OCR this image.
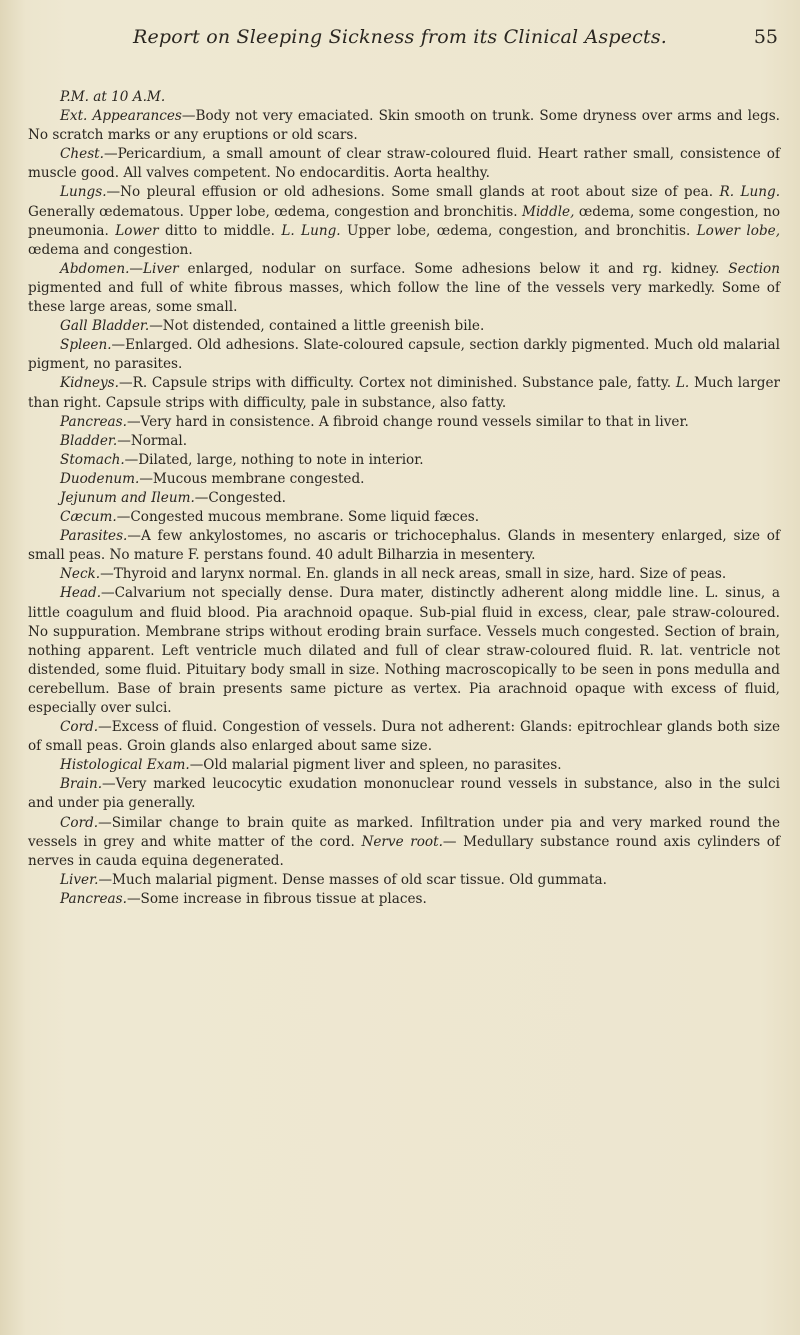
Report on Sleeping Sickness from its Clinical Aspects.	55

P.M. at 10 A.M.

Ext. Appearances—Body not very emaciated. Skin smooth on trunk. Some dryness over arms and legs. No scratch marks or any eruptions or old scars.

Chest.—Pericardium, a small amount of clear straw-coloured fluid. Heart rather small, consistence of muscle good. All valves competent. No endocarditis. Aorta healthy.

Lungs.—No pleural effusion or old adhesions. Some small glands at root about size of pea. R. Lung. Generally œdematous. Upper lobe, œdema, congestion and bronchitis. Middle, œdema, some congestion, no pneumonia. Lower ditto to middle. L. Lung. Upper lobe, œdema, congestion, and bronchitis. Lower lobe, œdema and congestion.

Abdomen.—Liver enlarged, nodular on surface. Some adhesions below it and rg. kidney. Section pigmented and full of white fibrous masses, which follow the line of the vessels very markedly. Some of these large areas, some small.

Gall Bladder.—Not distended, contained a little greenish bile.

Spleen.—Enlarged. Old adhesions. Slate-coloured capsule, section darkly pigmented. Much old malarial pigment, no parasites.

Kidneys.—R. Capsule strips with difficulty. Cortex not diminished. Substance pale, fatty. L. Much larger than right. Capsule strips with difficulty, pale in substance, also fatty.

Pancreas.—Very hard in consistence. A fibroid change round vessels similar to that in liver.

Bladder.—Normal.

Stomach.—Dilated, large, nothing to note in interior.

Duodenum.—Mucous membrane congested.

Jejunum and Ileum.—Congested.

Cæcum.—Congested mucous membrane. Some liquid fæces.

Parasites.—A few ankylostomes, no ascaris or trichocephalus. Glands in mesentery enlarged, size of small peas. No mature F. perstans found. 40 adult Bilharzia in mesentery.

Neck.—Thyroid and larynx normal. En. glands in all neck areas, small in size, hard. Size of peas.

Head.—Calvarium not specially dense. Dura mater, distinctly adherent along middle line. L. sinus, a little coagulum and fluid blood. Pia arachnoid opaque. Sub-pial fluid in excess, clear, pale straw-coloured. No suppuration. Membrane strips without eroding brain surface. Vessels much congested. Section of brain, nothing apparent. Left ventricle much dilated and full of clear straw-coloured fluid. R. lat. ventricle not distended, some fluid. Pituitary body small in size. Nothing macroscopically to be seen in pons medulla and cerebellum. Base of brain presents same picture as vertex. Pia arachnoid opaque with excess of fluid, especially over sulci.

Cord.—Excess of fluid. Congestion of vessels. Dura not adherent: Glands: epitrochlear glands both size of small peas. Groin glands also enlarged about same size.

Histological Exam.—Old malarial pigment liver and spleen, no parasites.

Brain.—Very marked leucocytic exudation mononuclear round vessels in substance, also in the sulci and under pia generally.

Cord.—Similar change to brain quite as marked. Infiltration under pia and very marked round the vessels in grey and white matter of the cord. Nerve root.— Medullary substance round axis cylinders of nerves in cauda equina degenerated.

Liver.—Much malarial pigment. Dense masses of old scar tissue. Old gummata.

Pancreas.—Some increase in fibrous tissue at places.
